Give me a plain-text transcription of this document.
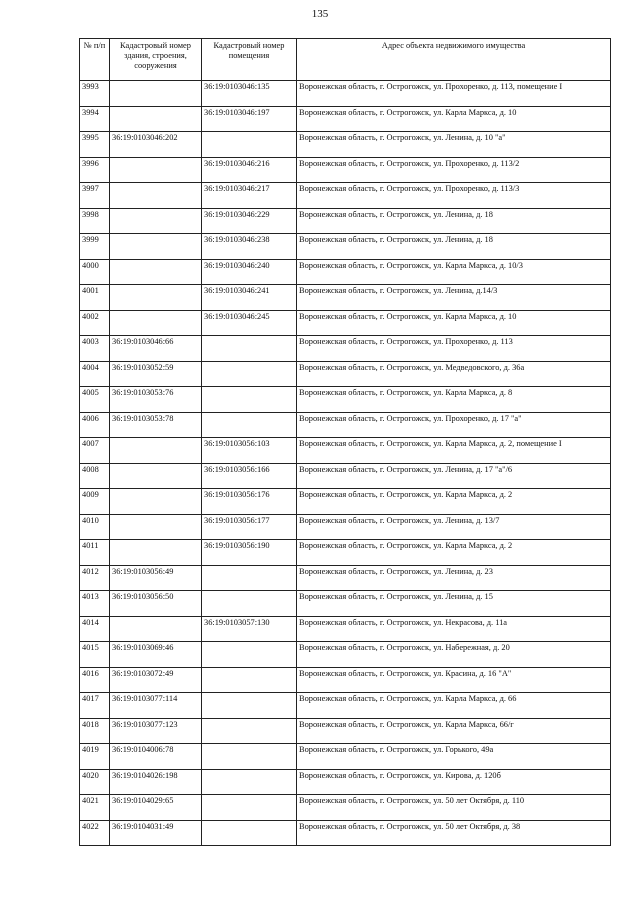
135
№ п/п	Кадастровый номер здания, строения, сооружения	Кадастровый номер помещения	Адрес объекта недвижимого имущества
3993		36:19:0103046:135	Воронежская область, г. Острогожск, ул. Прохоренко, д. 113, помещение I
3994		36:19:0103046:197	Воронежская область, г. Острогожск, ул. Карла Маркса, д. 10
3995	36:19:0103046:202		Воронежская область, г. Острогожск, ул. Ленина, д. 10 "а"
3996		36:19:0103046:216	Воронежская область, г. Острогожск, ул. Прохоренко, д. 113/2
3997		36:19:0103046:217	Воронежская область, г. Острогожск, ул. Прохоренко, д. 113/3
3998		36:19:0103046:229	Воронежская область, г. Острогожск, ул. Ленина, д. 18
3999		36:19:0103046:238	Воронежская область, г. Острогожск, ул. Ленина, д. 18
4000		36:19:0103046:240	Воронежская область, г. Острогожск, ул. Карла Маркса, д. 10/3
4001		36:19:0103046:241	Воронежская область, г. Острогожск, ул. Ленина, д.14/3
4002		36:19:0103046:245	Воронежская область, г. Острогожск, ул. Карла Маркса, д. 10
4003	36:19:0103046:66		Воронежская область, г. Острогожск, ул. Прохоренко, д. 113
4004	36:19:0103052:59		Воронежская область, г. Острогожск, ул. Медведовского, д. 36а
4005	36:19:0103053:76		Воронежская область, г. Острогожск, ул. Карла Маркса, д. 8
4006	36:19:0103053:78		Воронежская область, г. Острогожск, ул. Прохоренко, д. 17 "а"
4007		36:19:0103056:103	Воронежская область, г. Острогожск, ул. Карла Маркса, д. 2, помещение I
4008		36:19:0103056:166	Воронежская область, г. Острогожск, ул. Ленина, д. 17 "а"/6
4009		36:19:0103056:176	Воронежская область, г. Острогожск, ул. Карла Маркса, д. 2
4010		36:19:0103056:177	Воронежская область, г. Острогожск, ул. Ленина, д. 13/7
4011		36:19:0103056:190	Воронежская область, г. Острогожск, ул. Карла Маркса, д. 2
4012	36:19:0103056:49		Воронежская область, г. Острогожск, ул. Ленина, д. 23
4013	36:19:0103056:50		Воронежская область, г. Острогожск, ул. Ленина, д. 15
4014		36:19:0103057:130	Воронежская область, г. Острогожск, ул. Некрасова, д. 11а
4015	36:19:0103069:46		Воронежская область, г. Острогожск, ул. Набережная, д. 20
4016	36:19:0103072:49		Воронежская область, г. Острогожск, ул. Красина, д. 16 "А"
4017	36:19:0103077:114		Воронежская область, г. Острогожск, ул. Карла Маркса, д. 66
4018	36:19:0103077:123		Воронежская область, г. Острогожск, ул. Карла Маркса, 66/г
4019	36:19:0104006:78		Воронежская область, г. Острогожск, ул. Горького, 49а
4020	36:19:0104026:198		Воронежская область, г. Острогожск, ул. Кирова, д. 120б
4021	36:19:0104029:65		Воронежская область, г. Острогожск, ул. 50 лет Октября, д. 110
4022	36:19:0104031:49		Воронежская область, г. Острогожск, ул. 50 лет Октября, д. 38
